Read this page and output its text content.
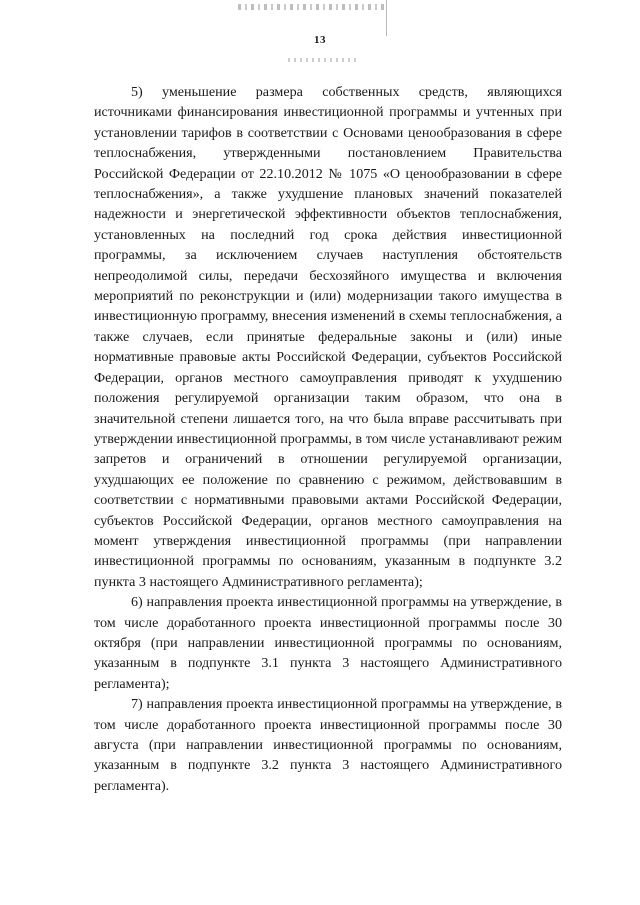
13

5) уменьшение размера собственных средств, являющихся источниками финансирования инвестиционной программы и учтенных при установлении тарифов в соответствии с Основами ценообразования в сфере теплоснабжения, утвержденными постановлением Правительства Российской Федерации от 22.10.2012 № 1075 «О ценообразовании в сфере теплоснабжения», а также ухудшение плановых значений показателей надежности и энергетической эффективности объектов теплоснабжения, установленных на последний год срока действия инвестиционной программы, за исключением случаев наступления обстоятельств непреодолимой силы, передачи бесхозяйного имущества и включения мероприятий по реконструкции и (или) модернизации такого имущества в инвестиционную программу, внесения изменений в схемы теплоснабжения, а также случаев, если принятые федеральные законы и (или) иные нормативные правовые акты Российской Федерации, субъектов Российской Федерации, органов местного самоуправления приводят к ухудшению положения регулируемой организации таким образом, что она в значительной степени лишается того, на что была вправе рассчитывать при утверждении инвестиционной программы, в том числе устанавливают режим запретов и ограничений в отношении регулируемой организации, ухудшающих ее положение по сравнению с режимом, действовавшим в соответствии с нормативными правовыми актами Российской Федерации, субъектов Российской Федерации, органов местного самоуправления на момент утверждения инвестиционной программы (при направлении инвестиционной программы по основаниям, указанным в подпункте 3.2 пункта 3 настоящего Административного регламента);

6) направления проекта инвестиционной программы на утверждение, в том числе доработанного проекта инвестиционной программы после 30 октября (при направлении инвестиционной программы по основаниям, указанным в подпункте 3.1 пункта 3 настоящего Административного регламента);

7) направления проекта инвестиционной программы на утверждение, в том числе доработанного проекта инвестиционной программы после 30 августа (при направлении инвестиционной программы по основаниям, указанным в подпункте 3.2 пункта 3 настоящего Административного регламента).
